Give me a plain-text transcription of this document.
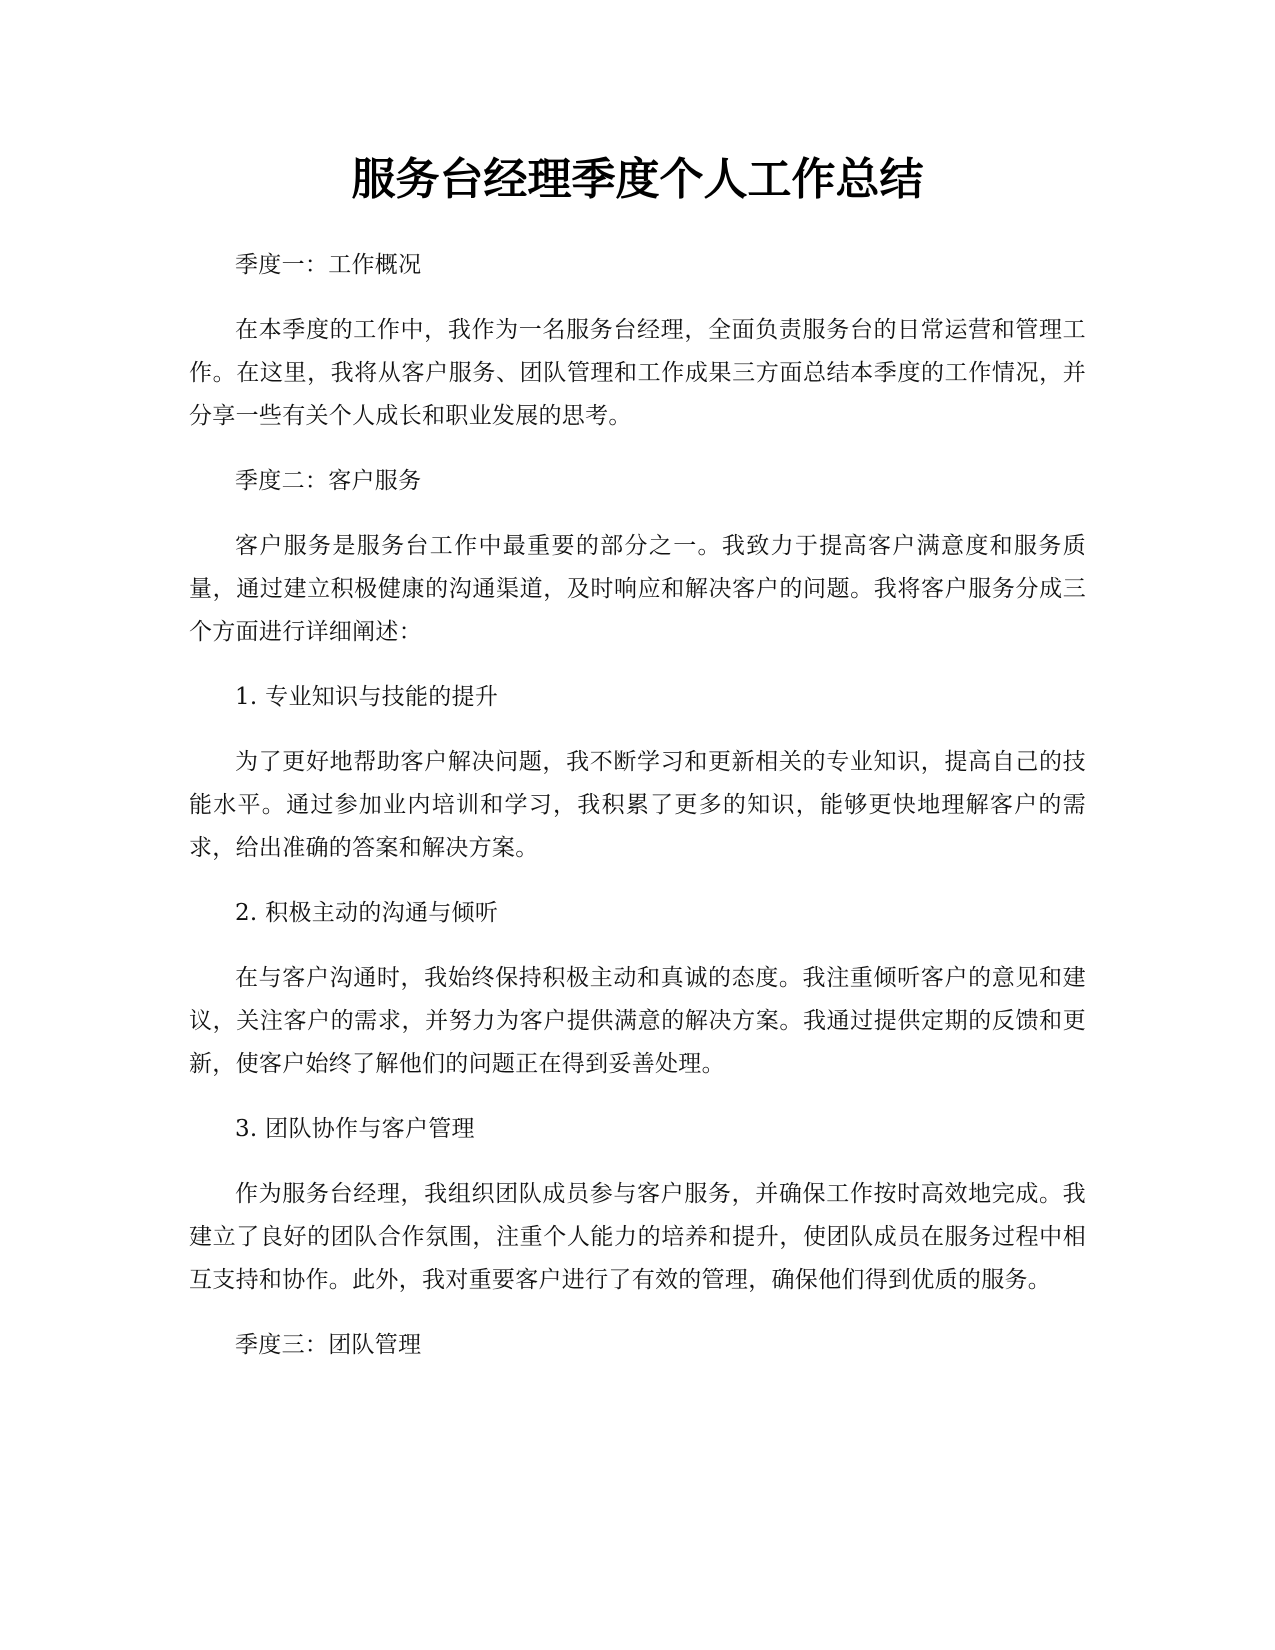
服务台经理季度个人工作总结

季度一：工作概况

在本季度的工作中，我作为一名服务台经理，全面负责服务台的日常运营和管理工作。在这里，我将从客户服务、团队管理和工作成果三方面总结本季度的工作情况，并分享一些有关个人成长和职业发展的思考。

季度二：客户服务

客户服务是服务台工作中最重要的部分之一。我致力于提高客户满意度和服务质量，通过建立积极健康的沟通渠道，及时响应和解决客户的问题。我将客户服务分成三个方面进行详细阐述：

1. 专业知识与技能的提升

为了更好地帮助客户解决问题，我不断学习和更新相关的专业知识，提高自己的技能水平。通过参加业内培训和学习，我积累了更多的知识，能够更快地理解客户的需求，给出准确的答案和解决方案。

2. 积极主动的沟通与倾听

在与客户沟通时，我始终保持积极主动和真诚的态度。我注重倾听客户的意见和建议，关注客户的需求，并努力为客户提供满意的解决方案。我通过提供定期的反馈和更新，使客户始终了解他们的问题正在得到妥善处理。

3. 团队协作与客户管理

作为服务台经理，我组织团队成员参与客户服务，并确保工作按时高效地完成。我建立了良好的团队合作氛围，注重个人能力的培养和提升，使团队成员在服务过程中相互支持和协作。此外，我对重要客户进行了有效的管理，确保他们得到优质的服务。

季度三：团队管理
